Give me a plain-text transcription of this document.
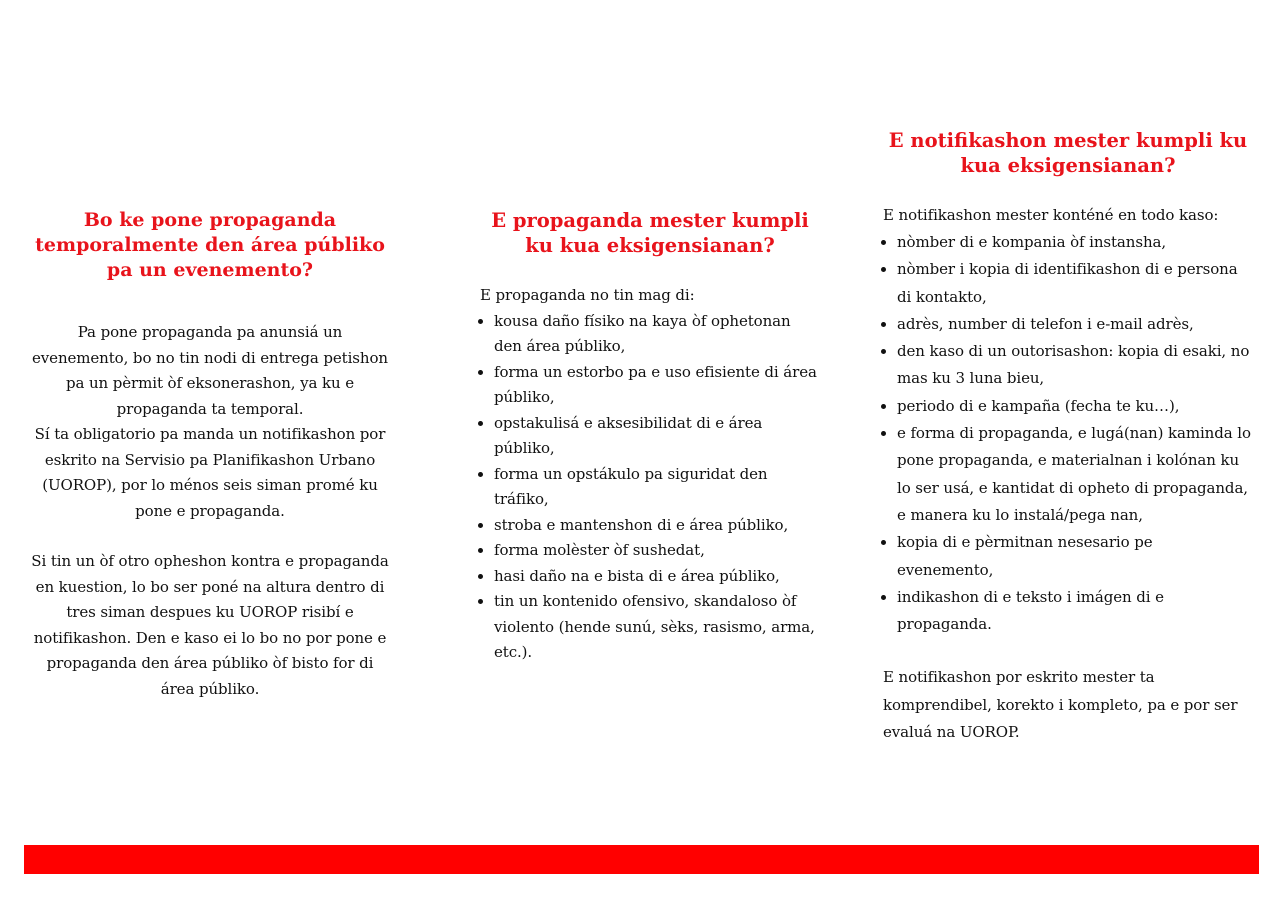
Bo ke pone propaganda temporalmente den área públiko pa un evenemento?
Pa pone propaganda pa anunsiá un evenemento, bo no tin nodi di entrega petishon pa un pèrmit òf eksonerashon, ya ku e propaganda ta temporal.
Sí ta obligatorio pa manda un notifikashon por eskrito na Servisio pa Planifikashon Urbano (UOROP), por lo ménos seis siman promé ku pone e propaganda.
Si tin un òf otro opheshon kontra e propaganda en kuestion, lo bo ser poné na altura dentro di tres siman despues ku UOROP risibí e notifikashon. Den e kaso ei lo bo no por pone e propaganda den área públiko òf bisto for di área públiko.
E propaganda mester kumpli ku kua eksigensianan?
E propaganda no tin mag di:
• kousa daño físiko na kaya òf ophetonan den área públiko,
• forma un estorbo pa e uso efisiente di área públiko,
• opstakulisá e aksesibilidat di e área públiko,
• forma un opstákulo pa siguridat den tráfiko,
• stroba e mantenshon di e área públiko,
• forma molèster òf sushedat,
• hasi daño na e bista di e área públiko,
• tin un kontenido ofensivo, skandaloso òf violento (hende sunú, sèks, rasismo, arma, etc.).
E notifikashon mester kumpli ku kua eksigensianan?
E notifikashon mester konténé en todo kaso:
• nòmber di e kompania òf instansha,
• nòmber i kopia di identifikashon di e persona di kontakto,
• adrès, number di telefon i e-mail adrès,
• den kaso di un outorisashon: kopia di esaki, no mas ku 3 luna bieu,
• periodo di e kampaña (fecha te ku…),
• e forma di propaganda, e lugá(nan) kaminda lo pone propaganda, e materialnan i kolónan ku lo ser usá, e kantidat di opheto di propaganda, e manera ku lo instalá/pega nan,
• kopia di e pèrmitnan nesesario pe evenemento,
• indikashon di e teksto i imágen di e propaganda.
E notifikashon por eskrito mester ta komprendibel, korekto i kompleto, pa e por ser evaluá na UOROP.
